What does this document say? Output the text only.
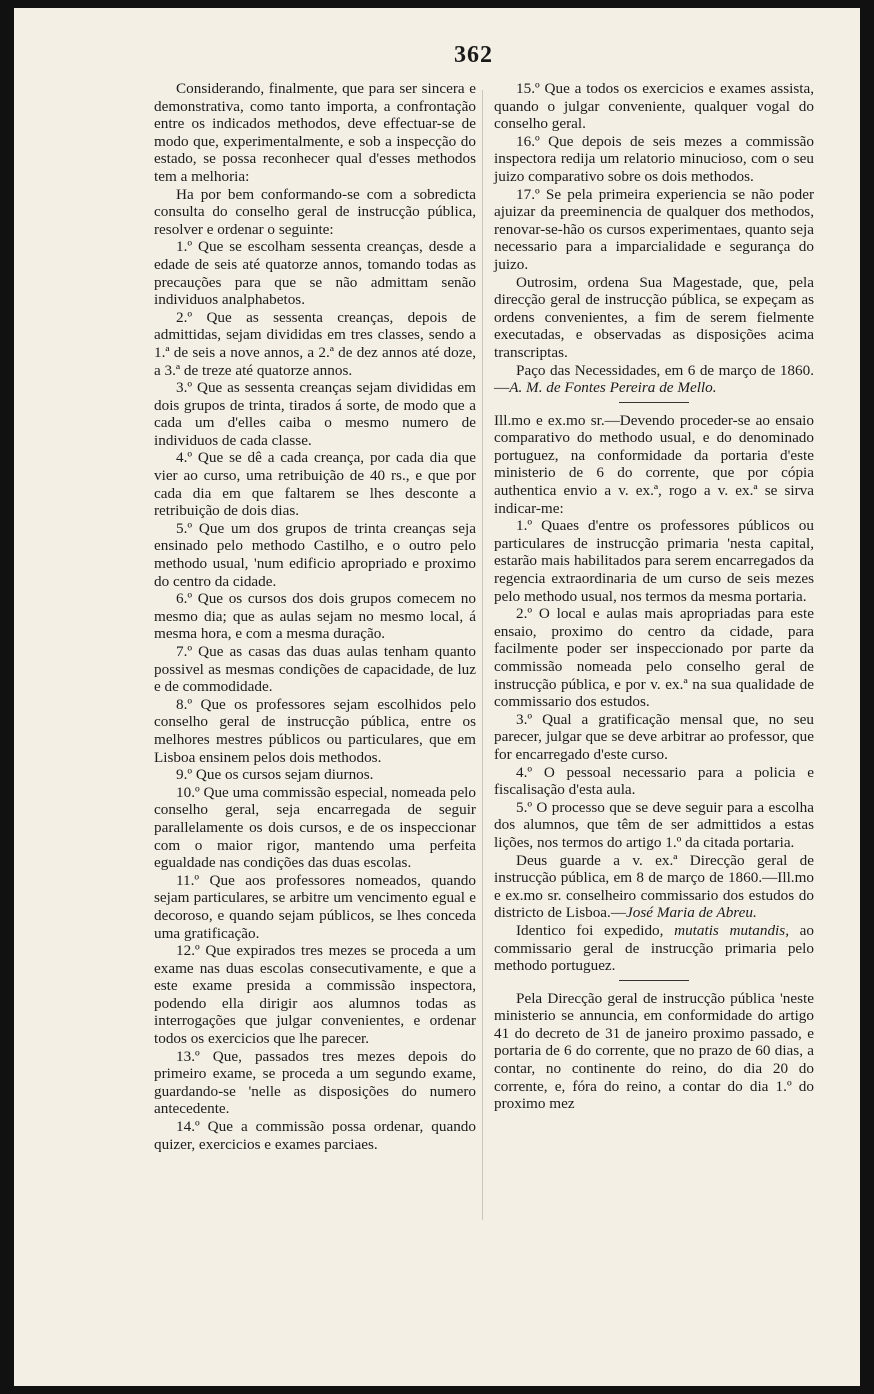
362

Considerando, finalmente, que para ser sincera e demonstrativa, como tanto importa, a confrontação entre os indicados methodos, deve effectuar-se de modo que, experimentalmente, e sob a inspecção do estado, se possa reconhecer qual d'esses methodos tem a melhoria:

Ha por bem conformando-se com a sobredicta consulta do conselho geral de instrucção pública, resolver e ordenar o seguinte:

1.º Que se escolham sessenta creanças, desde a edade de seis até quatorze annos, tomando todas as precauções para que se não admittam senão individuos analphabetos.

2.º Que as sessenta creanças, depois de admittidas, sejam divididas em tres classes, sendo a 1.ª de seis a nove annos, a 2.ª de dez annos até doze, a 3.ª de treze até quatorze annos.

3.º Que as sessenta creanças sejam divididas em dois grupos de trinta, tirados á sorte, de modo que a cada um d'elles caiba o mesmo numero de individuos de cada classe.

4.º Que se dê a cada creança, por cada dia que vier ao curso, uma retribuição de 40 rs., e que por cada dia em que faltarem se lhes desconte a retribuição de dois dias.

5.º Que um dos grupos de trinta creanças seja ensinado pelo methodo Castilho, e o outro pelo methodo usual, 'num edificio apropriado e proximo do centro da cidade.

6.º Que os cursos dos dois grupos comecem no mesmo dia; que as aulas sejam no mesmo local, á mesma hora, e com a mesma duração.

7.º Que as casas das duas aulas tenham quanto possivel as mesmas condições de capacidade, de luz e de commodidade.

8.º Que os professores sejam escolhidos pelo conselho geral de instrucção pública, entre os melhores mestres públicos ou particulares, que em Lisboa ensinem pelos dois methodos.

9.º Que os cursos sejam diurnos.

10.º Que uma commissão especial, nomeada pelo conselho geral, seja encarregada de seguir parallelamente os dois cursos, e de os inspeccionar com o maior rigor, mantendo uma perfeita egualdade nas condições das duas escolas.

11.º Que aos professores nomeados, quando sejam particulares, se arbitre um vencimento egual e decoroso, e quando sejam públicos, se lhes conceda uma gratificação.

12.º Que expirados tres mezes se proceda a um exame nas duas escolas consecutivamente, e que a este exame presida a commissão inspectora, podendo ella dirigir aos alumnos todas as interrogações que julgar convenientes, e ordenar todos os exercicios que lhe parecer.

13.º Que, passados tres mezes depois do primeiro exame, se proceda a um segundo exame, guardando-se 'nelle as disposições do numero antecedente.

14.º Que a commissão possa ordenar, quando quizer, exercicios e exames parciaes.

15.º Que a todos os exercicios e exames assista, quando o julgar conveniente, qualquer vogal do conselho geral.

16.º Que depois de seis mezes a commissão inspectora redija um relatorio minucioso, com o seu juizo comparativo sobre os dois methodos.

17.º Se pela primeira experiencia se não poder ajuizar da preeminencia de qualquer dos methodos, renovar-se-hão os cursos experimentaes, quanto seja necessario para a imparcialidade e segurança do juizo.

Outrosim, ordena Sua Magestade, que, pela direcção geral de instrucção pública, se expeçam as ordens convenientes, a fim de serem fielmente executadas, e observadas as disposições acima transcriptas.

Paço das Necessidades, em 6 de março de 1860.—A. M. de Fontes Pereira de Mello.

Ill.mo e ex.mo sr.—Devendo proceder-se ao ensaio comparativo do methodo usual, e do denominado portuguez, na conformidade da portaria d'este ministerio de 6 do corrente, que por cópia authentica envio a v. ex.ª, rogo a v. ex.ª se sirva indicar-me:

1.º Quaes d'entre os professores públicos ou particulares de instrucção primaria 'nesta capital, estarão mais habilitados para serem encarregados da regencia extraordinaria de um curso de seis mezes pelo methodo usual, nos termos da mesma portaria.

2.º O local e aulas mais apropriadas para este ensaio, proximo do centro da cidade, para facilmente poder ser inspeccionado por parte da commissão nomeada pelo conselho geral de instrucção pública, e por v. ex.ª na sua qualidade de commissario dos estudos.

3.º Qual a gratificação mensal que, no seu parecer, julgar que se deve arbitrar ao professor, que for encarregado d'este curso.

4.º O pessoal necessario para a policia e fiscalisação d'esta aula.

5.º O processo que se deve seguir para a escolha dos alumnos, que têm de ser admittidos a estas lições, nos termos do artigo 1.º da citada portaria.

Deus guarde a v. ex.ª Direcção geral de instrucção pública, em 8 de março de 1860.—Ill.mo e ex.mo sr. conselheiro commissario dos estudos do districto de Lisboa.—José Maria de Abreu.

Identico foi expedido, mutatis mutandis, ao commissario geral de instrucção primaria pelo methodo portuguez.

Pela Direcção geral de instrucção pública 'neste ministerio se annuncia, em conformidade do artigo 41 do decreto de 31 de janeiro proximo passado, e portaria de 6 do corrente, que no prazo de 60 dias, a contar, no continente do reino, do dia 20 do corrente, e, fóra do reino, a contar do dia 1.º do proximo mez
